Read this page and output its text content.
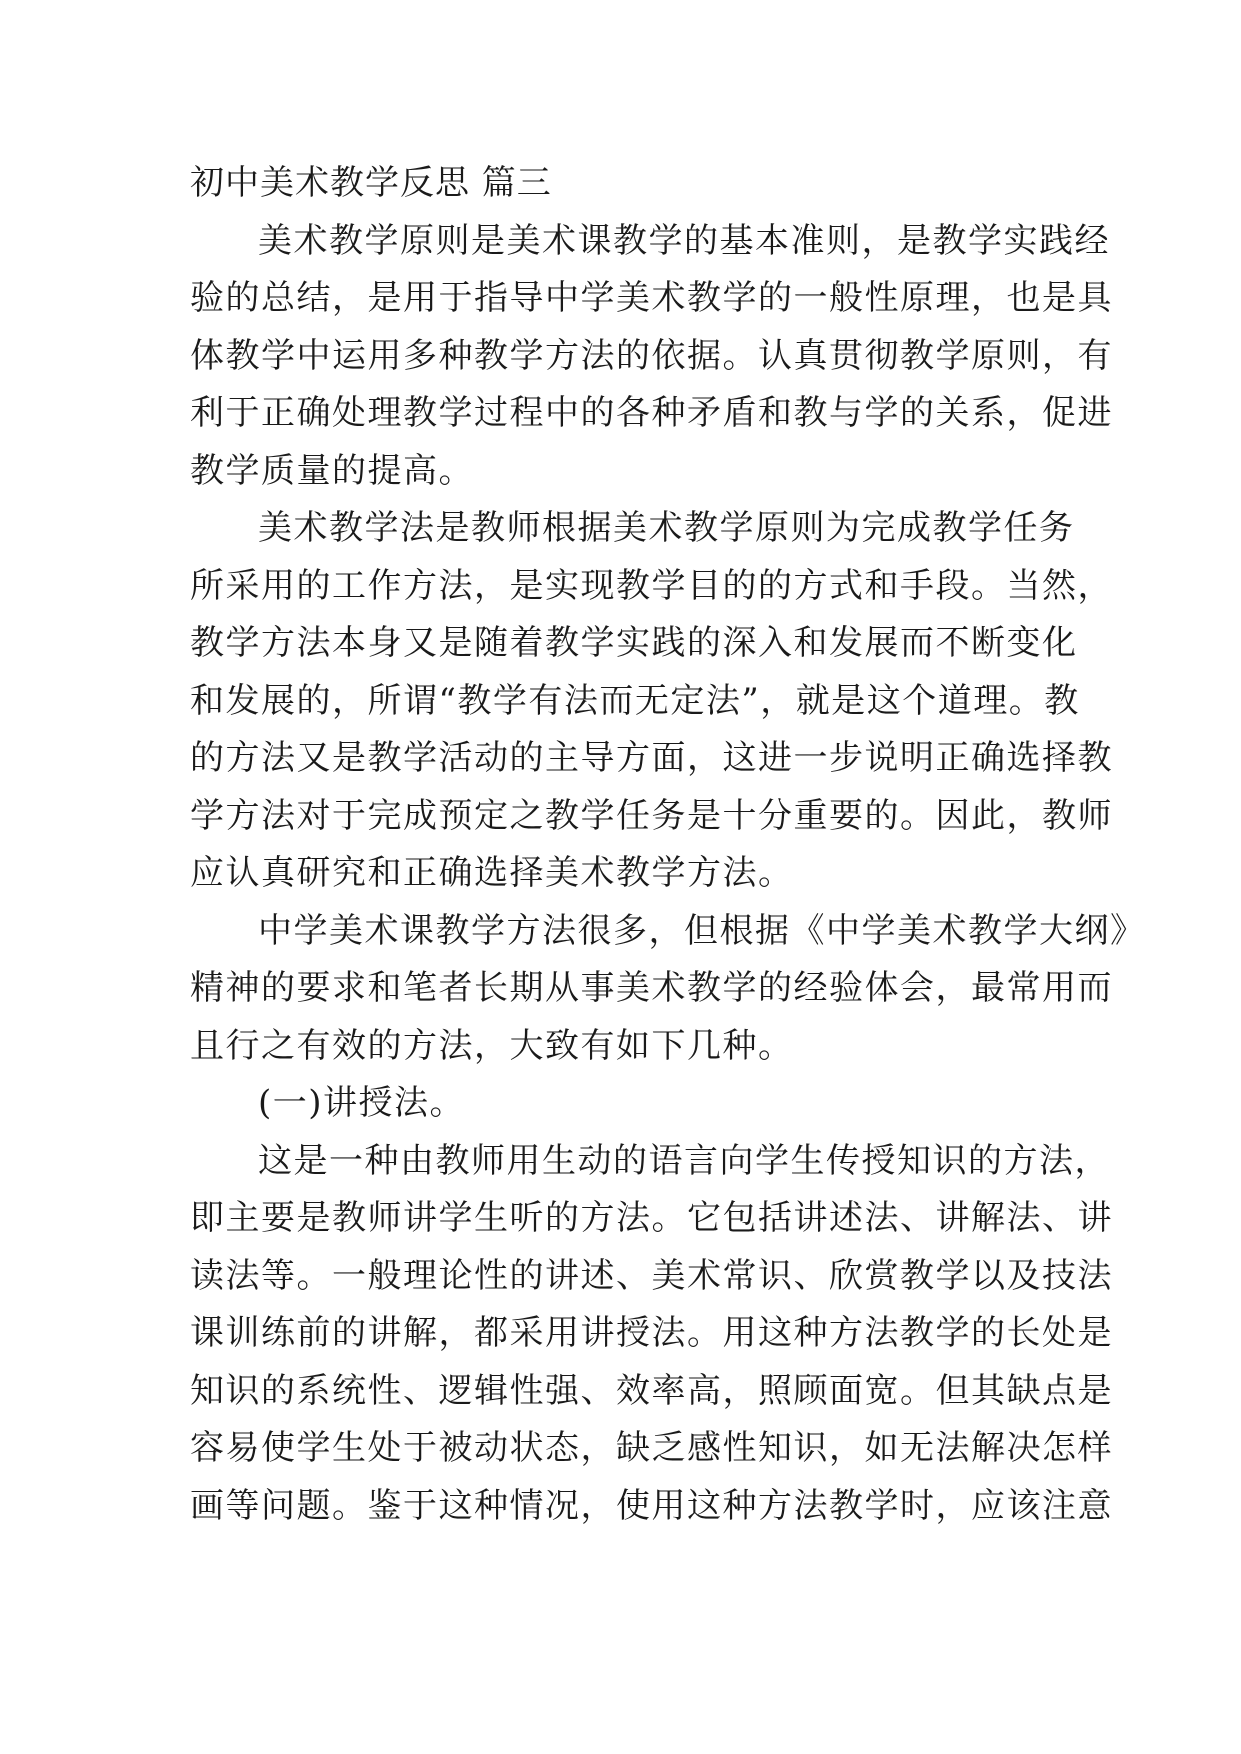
初中美术教学反思 篇三
美术教学原则是美术课教学的基本准则，是教学实践经
验的总结，是用于指导中学美术教学的一般性原理，也是具
体教学中运用多种教学方法的依据。认真贯彻教学原则，有
利于正确处理教学过程中的各种矛盾和教与学的关系，促进
教学质量的提高。
美术教学法是教师根据美术教学原则为完成教学任务
所采用的工作方法，是实现教学目的的方式和手段。当然，
教学方法本身又是随着教学实践的深入和发展而不断变化
和发展的，所谓“教学有法而无定法”，就是这个道理。教
的方法又是教学活动的主导方面，这进一步说明正确选择教
学方法对于完成预定之教学任务是十分重要的。因此，教师
应认真研究和正确选择美术教学方法。
中学美术课教学方法很多，但根据《中学美术教学大纲》
精神的要求和笔者长期从事美术教学的经验体会，最常用而
且行之有效的方法，大致有如下几种。
(一)讲授法。
这是一种由教师用生动的语言向学生传授知识的方法，
即主要是教师讲学生听的方法。它包括讲述法、讲解法、讲
读法等。一般理论性的讲述、美术常识、欣赏教学以及技法
课训练前的讲解，都采用讲授法。用这种方法教学的长处是
知识的系统性、逻辑性强、效率高，照顾面宽。但其缺点是
容易使学生处于被动状态，缺乏感性知识，如无法解决怎样
画等问题。鉴于这种情况，使用这种方法教学时，应该注意
